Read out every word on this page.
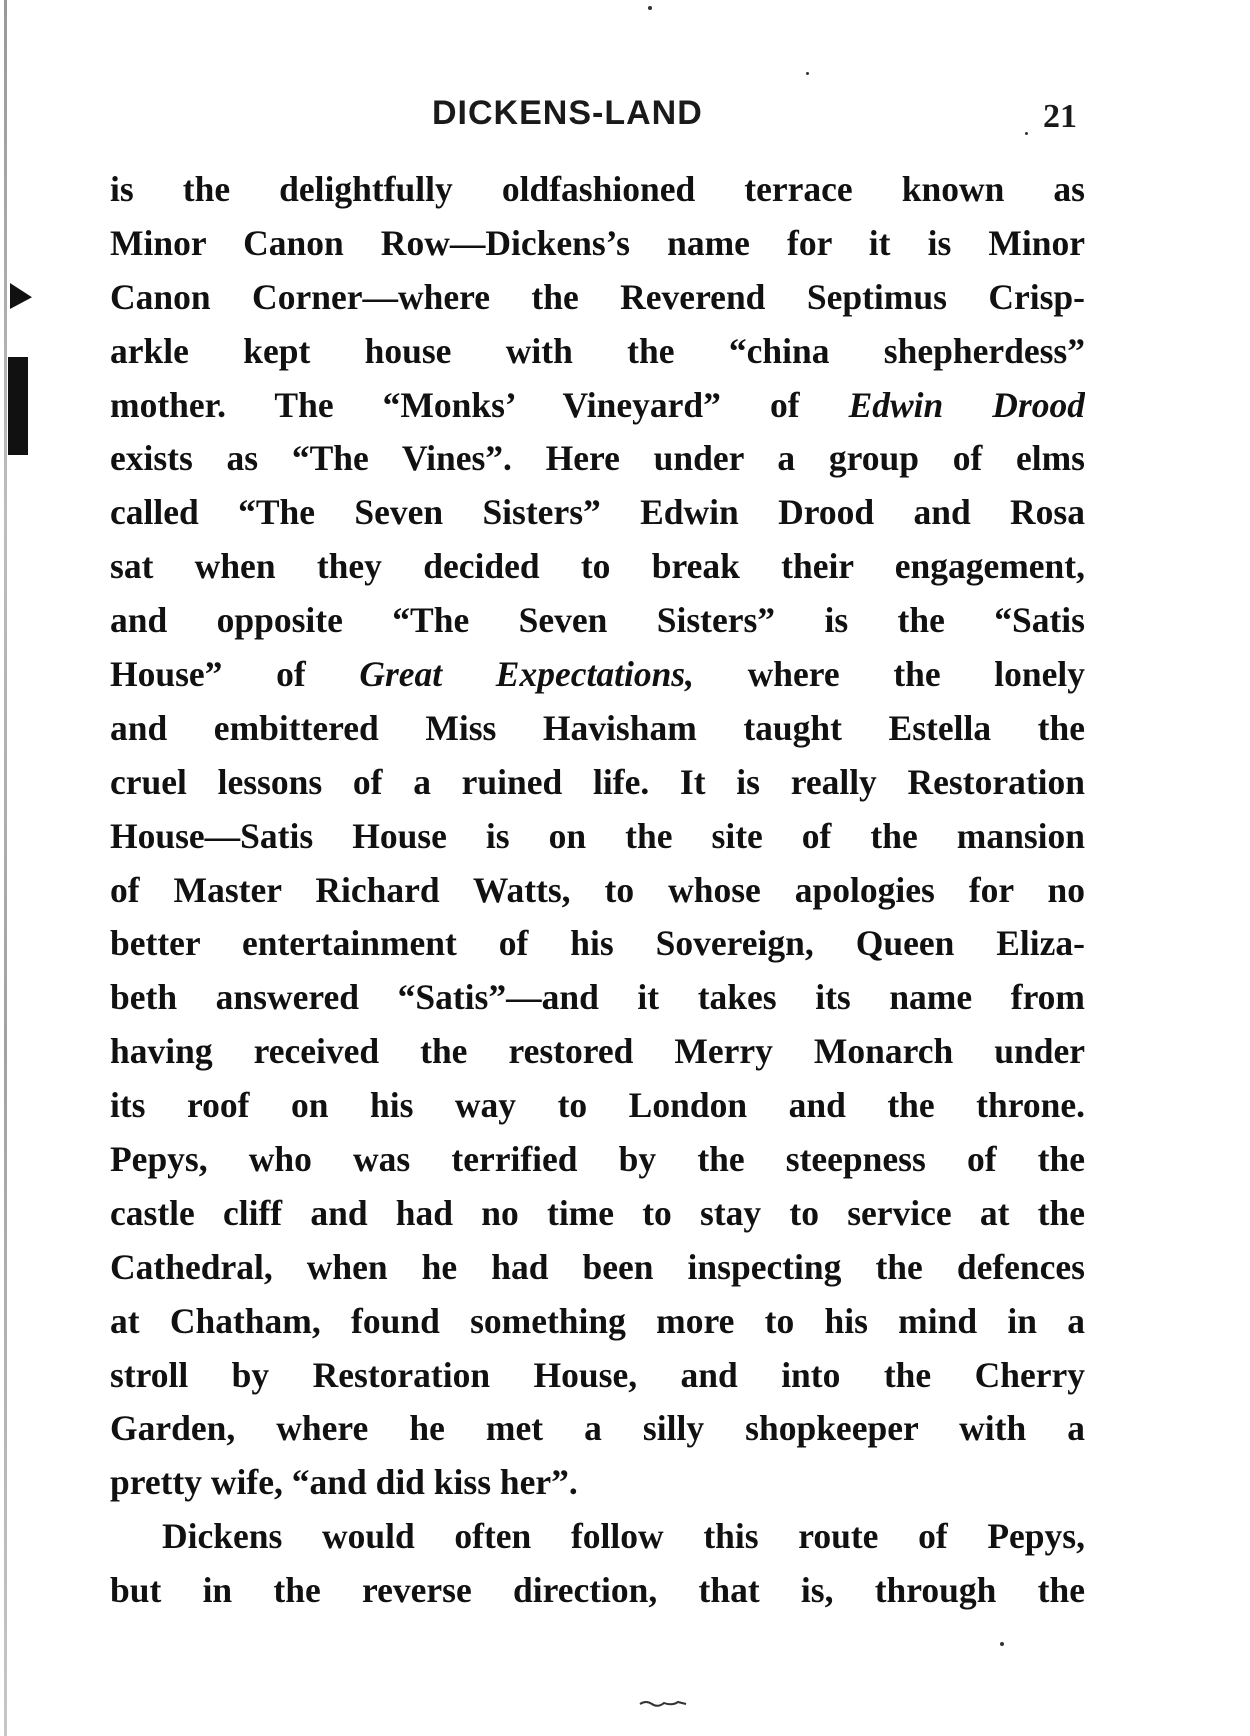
DICKENS-LAND	21
is the delightfully oldfashioned terrace known as
Minor Canon Row—Dickens’s name for it is Minor
Canon Corner—where the Reverend Septimus Crisp-
arkle kept house with the “china shepherdess”
mother. The “Monks’ Vineyard” of Edwin Drood
exists as “The Vines”. Here under a group of elms
called “The Seven Sisters” Edwin Drood and Rosa
sat when they decided to break their engagement,
and opposite “The Seven Sisters” is the “Satis
House” of Great Expectations, where the lonely
and embittered Miss Havisham taught Estella the
cruel lessons of a ruined life. It is really Restoration
House—Satis House is on the site of the mansion
of Master Richard Watts, to whose apologies for no
better entertainment of his Sovereign, Queen Eliza-
beth answered “Satis”—and it takes its name from
having received the restored Merry Monarch under
its roof on his way to London and the throne.
Pepys, who was terrified by the steepness of the
castle cliff and had no time to stay to service at the
Cathedral, when he had been inspecting the defences
at Chatham, found something more to his mind in a
stroll by Restoration House, and into the Cherry
Garden, where he met a silly shopkeeper with a
pretty wife, “and did kiss her”.
Dickens would often follow this route of Pepys,
but in the reverse direction, that is, through the
